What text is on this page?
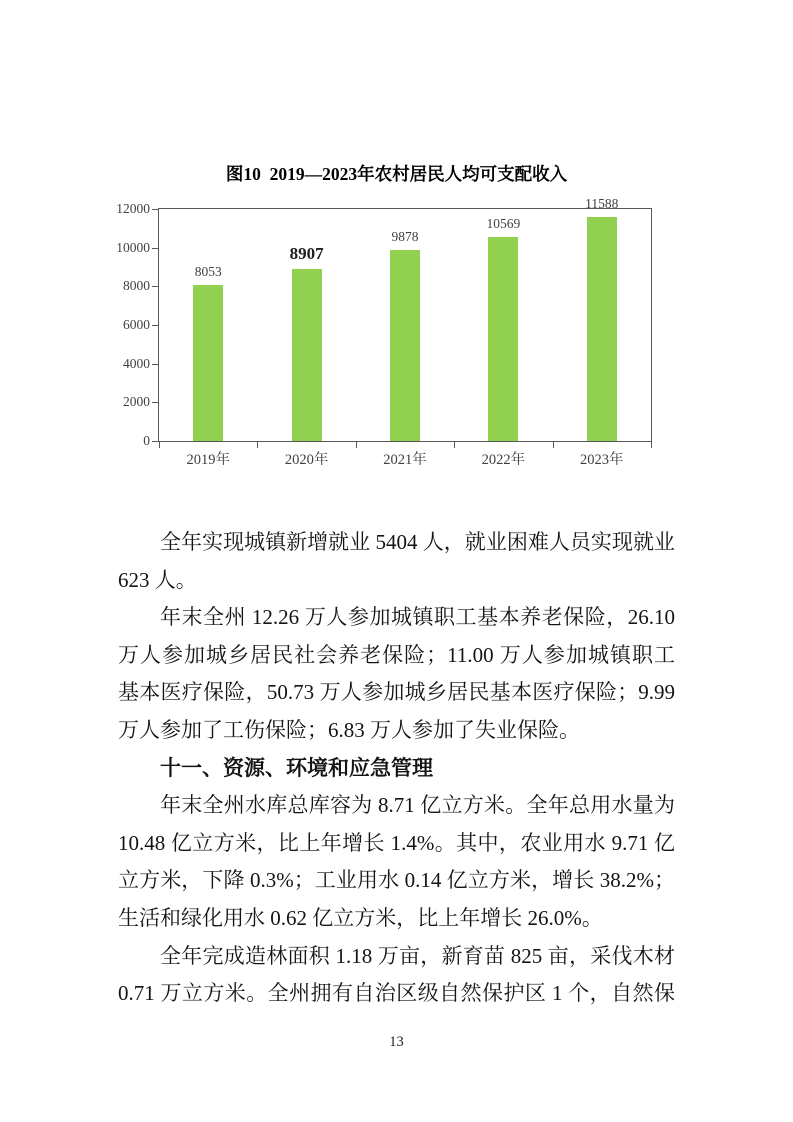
图10  2019—2023年农村居民人均可支配收入
8053
2019年
8907
2020年
9878
2021年
10569
2022年
11588
2023年
0
2000
4000
6000
8000
10000
12000
全年实现城镇新增就业 5404 人，就业困难人员实现就业
623 人。
年末全州 12.26 万人参加城镇职工基本养老保险，26.10
万人参加城乡居民社会养老保险；11.00 万人参加城镇职工
基本医疗保险，50.73 万人参加城乡居民基本医疗保险；9.99
万人参加了工伤保险；6.83 万人参加了失业保险。
十一、资源、环境和应急管理
年末全州水库总库容为 8.71 亿立方米。全年总用水量为
10.48 亿立方米，比上年增长 1.4%。其中，农业用水 9.71 亿
立方米，下降 0.3%；工业用水 0.14 亿立方米，增长 38.2%；
生活和绿化用水 0.62 亿立方米，比上年增长 26.0%。
全年完成造林面积 1.18 万亩，新育苗 825 亩，采伐木材
0.71 万立方米。全州拥有自治区级自然保护区 1 个，自然保
13
